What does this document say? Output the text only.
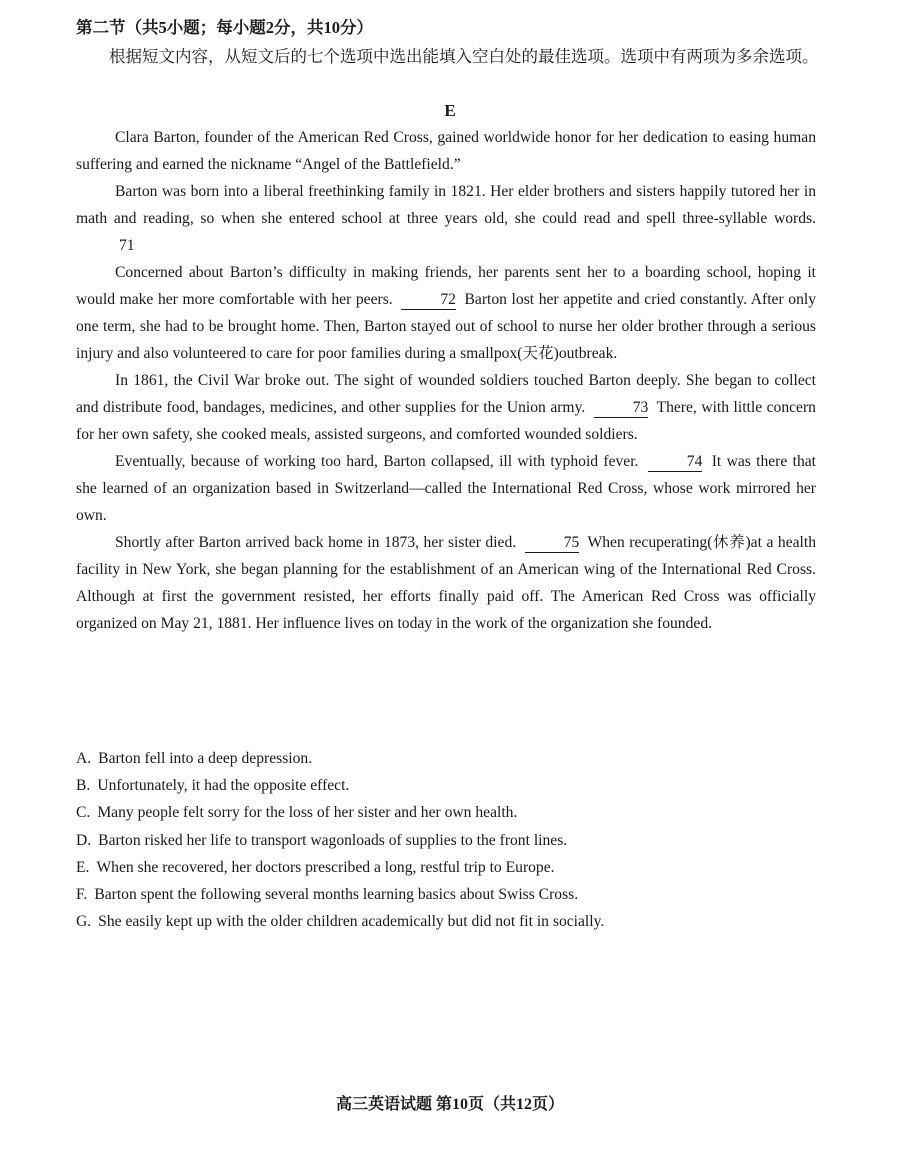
第二节（共5小题；每小题2分，共10分）
根据短文内容，从短文后的七个选项中选出能填入空白处的最佳选项。选项中有两项为多余选项。
E

Clara Barton, founder of the American Red Cross, gained worldwide honor for her dedication to easing human suffering and earned the nickname “Angel of the Battlefield.”

Barton was born into a liberal freethinking family in 1821. Her elder brothers and sisters happily tutored her in math and reading, so when she entered school at three years old, she could read and spell three-syllable words. 71

Concerned about Barton’s difficulty in making friends, her parents sent her to a boarding school, hoping it would make her more comfortable with her peers.	72 Barton lost her appetite and cried constantly. After only one term, she had to be brought home. Then, Barton stayed out of school to nurse her older brother through a serious injury and also volunteered to care for poor families during a smallpox(天花)outbreak.

In 1861, the Civil War broke out. The sight of wounded soldiers touched Barton deeply. She began to collect and distribute food, bandages, medicines, and other supplies for the Union army.	73 There, with little concern for her own safety, she cooked meals, assisted surgeons, and comforted wounded soldiers.

Eventually, because of working too hard, Barton collapsed, ill with typhoid fever.	74 It was there that she learned of an organization based in Switzerland—called the International Red Cross, whose work mirrored her own.

Shortly after Barton arrived back home in 1873, her sister died.	75 When recuperating(休养)at a health facility in New York, she began planning for the establishment of an American wing of the International Red Cross. Although at first the government resisted, her efforts finally paid off. The American Red Cross was officially organized on May 21, 1881. Her influence lives on today in the work of the organization she founded.

A. Barton fell into a deep depression.
B. Unfortunately, it had the opposite effect.
C. Many people felt sorry for the loss of her sister and her own health.
D. Barton risked her life to transport wagonloads of supplies to the front lines.
E. When she recovered, her doctors prescribed a long, restful trip to Europe.
F. Barton spent the following several months learning basics about Swiss Cross.
G. She easily kept up with the older children academically but did not fit in socially.
高三英语试题 第10页（共12页）
